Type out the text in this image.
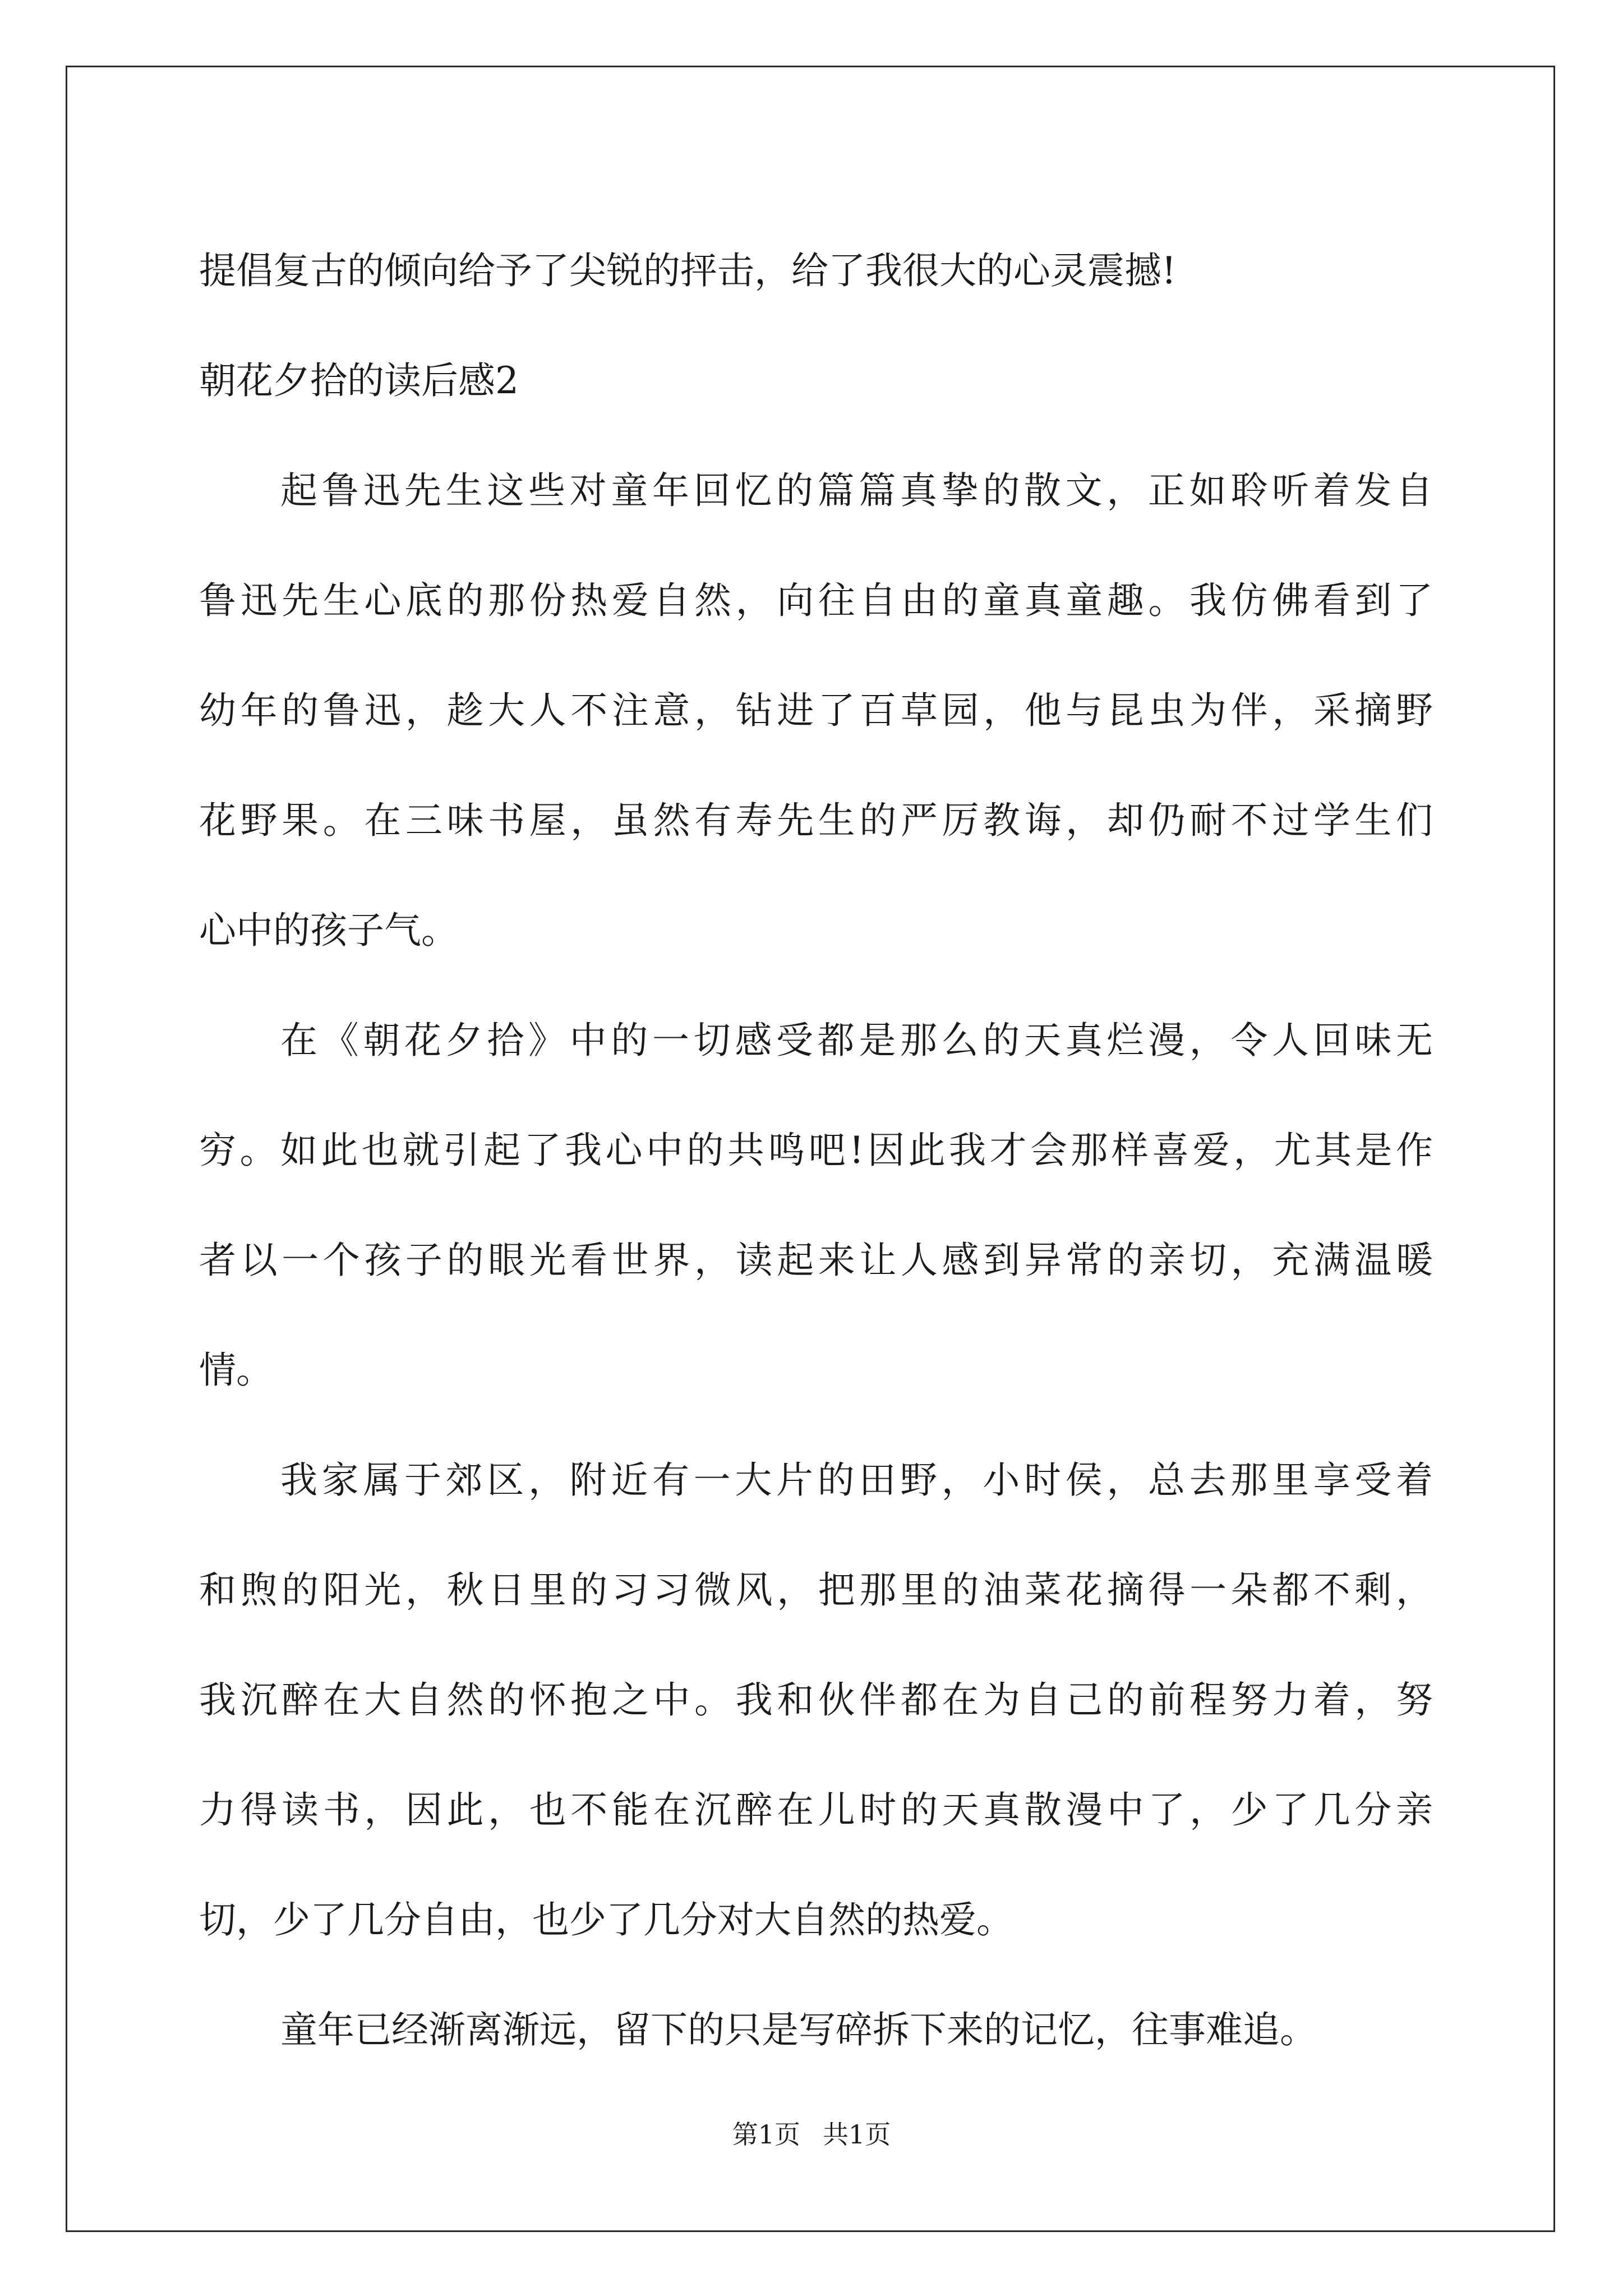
提倡复古的倾向给予了尖锐的抨击，给了我很大的心灵震撼!
朝花夕拾的读后感2
起鲁迅先生这些对童年回忆的篇篇真挚的散文，正如聆听着发自
鲁迅先生心底的那份热爱自然，向往自由的童真童趣。我仿佛看到了
幼年的鲁迅，趁大人不注意，钻进了百草园，他与昆虫为伴，采摘野
花野果。在三味书屋，虽然有寿先生的严厉教诲，却仍耐不过学生们
心中的孩子气。
在《朝花夕拾》中的一切感受都是那么的天真烂漫，令人回味无
穷。如此也就引起了我心中的共鸣吧!因此我才会那样喜爱，尤其是作
者以一个孩子的眼光看世界，读起来让人感到异常的亲切，充满温暖
情。
我家属于郊区，附近有一大片的田野，小时侯，总去那里享受着
和煦的阳光，秋日里的习习微风，把那里的油菜花摘得一朵都不剩，
我沉醉在大自然的怀抱之中。我和伙伴都在为自己的前程努力着，努
力得读书，因此，也不能在沉醉在儿时的天真散漫中了，少了几分亲
切，少了几分自由，也少了几分对大自然的热爱。
童年已经渐离渐远，留下的只是写碎拆下来的记忆，往事难追。
第1页 共1页
